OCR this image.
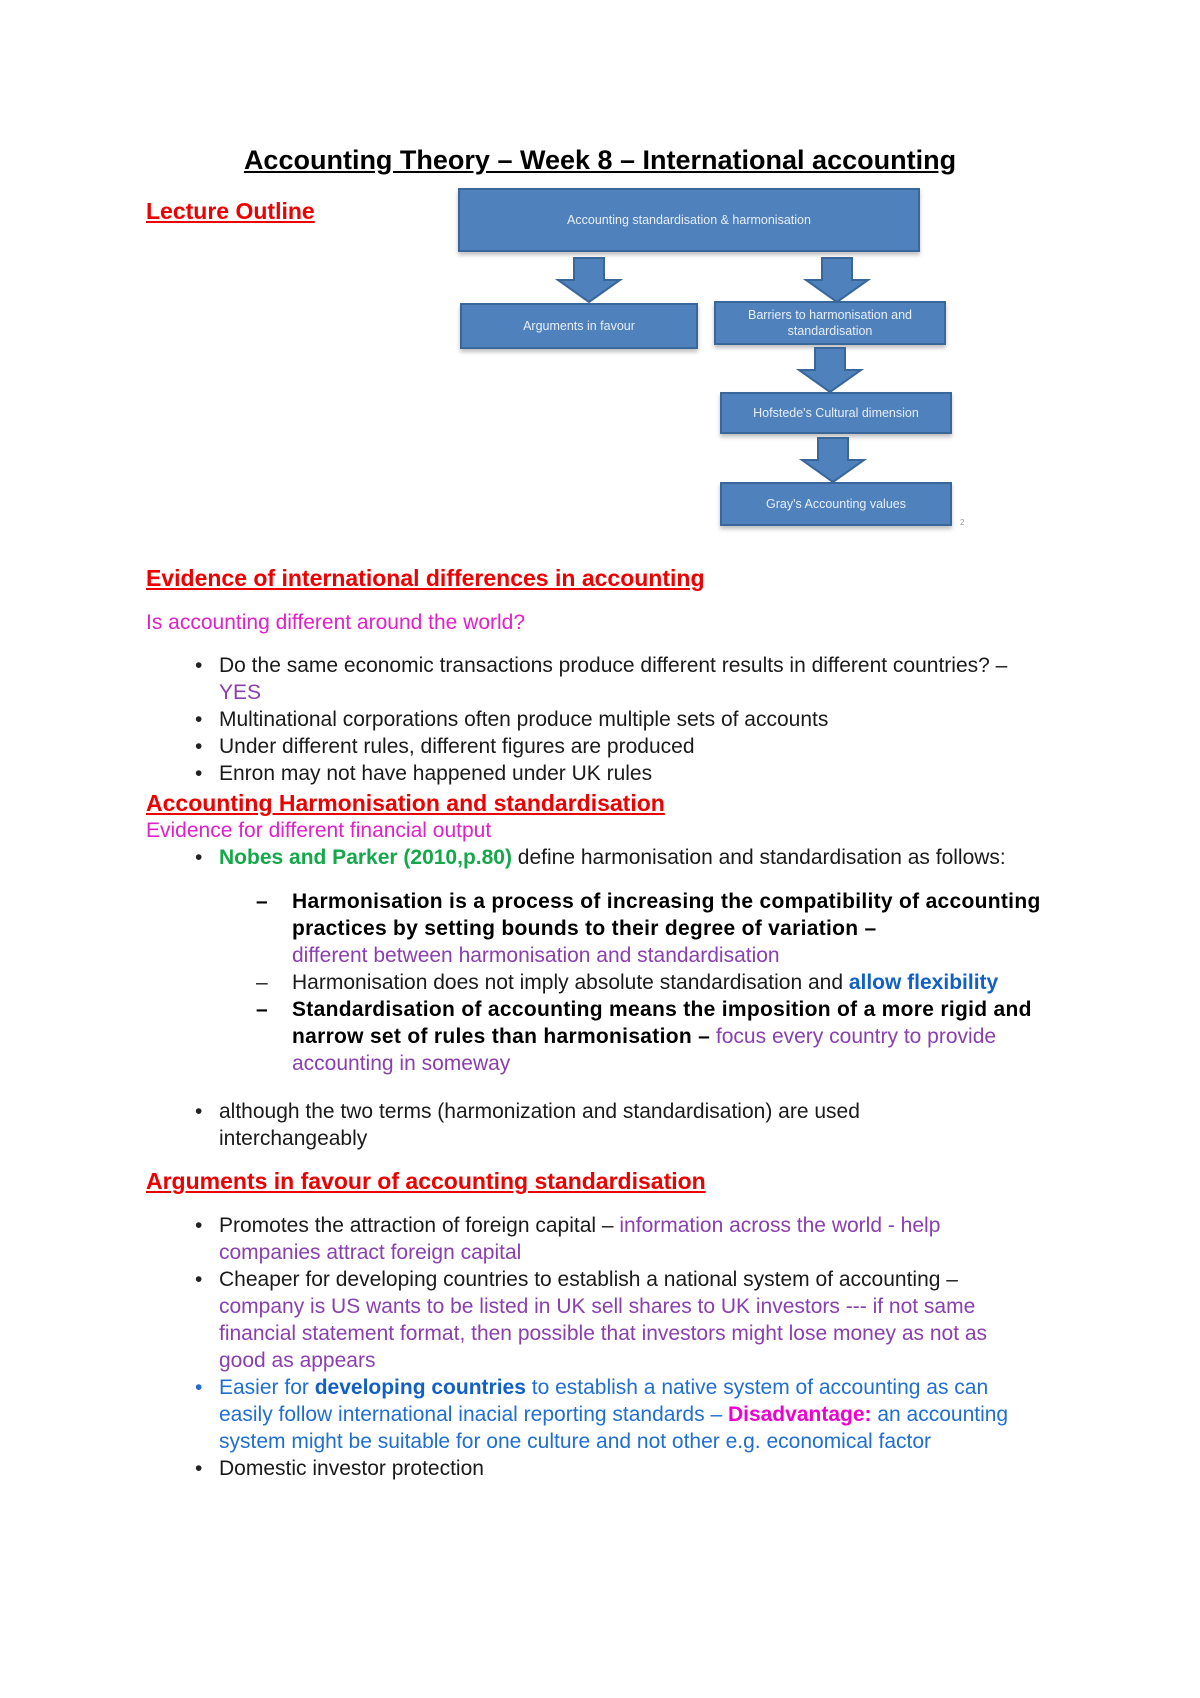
Accounting Theory – Week 8 – International accounting
Lecture Outline	Accounting standardisation & harmonisation
Arguments in favour
Barriers to harmonisation and standardisation
Hofstede's Cultural dimension
Gray's Accounting values
2
Evidence of international differences in accounting
Is accounting different around the world?
• Do the same economic transactions produce different results in different countries? –
YES
• Multinational corporations often produce multiple sets of accounts
• Under different rules, different figures are produced
• Enron may not have happened under UK rules
Accounting Harmonisation and standardisation
Evidence for different financial output
• Nobes and Parker (2010,p.80) define harmonisation and standardisation as follows:
– Harmonisation is a process of increasing the compatibility of accounting practices by setting bounds to their degree of variation –
different between harmonisation and standardisation
– Harmonisation does not imply absolute standardisation and allow flexibility
– Standardisation of accounting means the imposition of a more rigid and narrow set of rules than harmonisation – focus every country to provide accounting in someway
• although the two terms (harmonization and standardisation) are used interchangeably
Arguments in favour of accounting standardisation
• Promotes the attraction of foreign capital – information across the world - help companies attract foreign capital
• Cheaper for developing countries to establish a national system of accounting – company is US wants to be listed in UK sell shares to UK investors --- if not same financial statement format, then possible that investors might lose money as not as good as appears
• Easier for developing countries to establish a native system of accounting as can easily follow international inacial reporting standards – Disadvantage: an accounting system might be suitable for one culture and not other e.g. economical factor
• Domestic investor protection
